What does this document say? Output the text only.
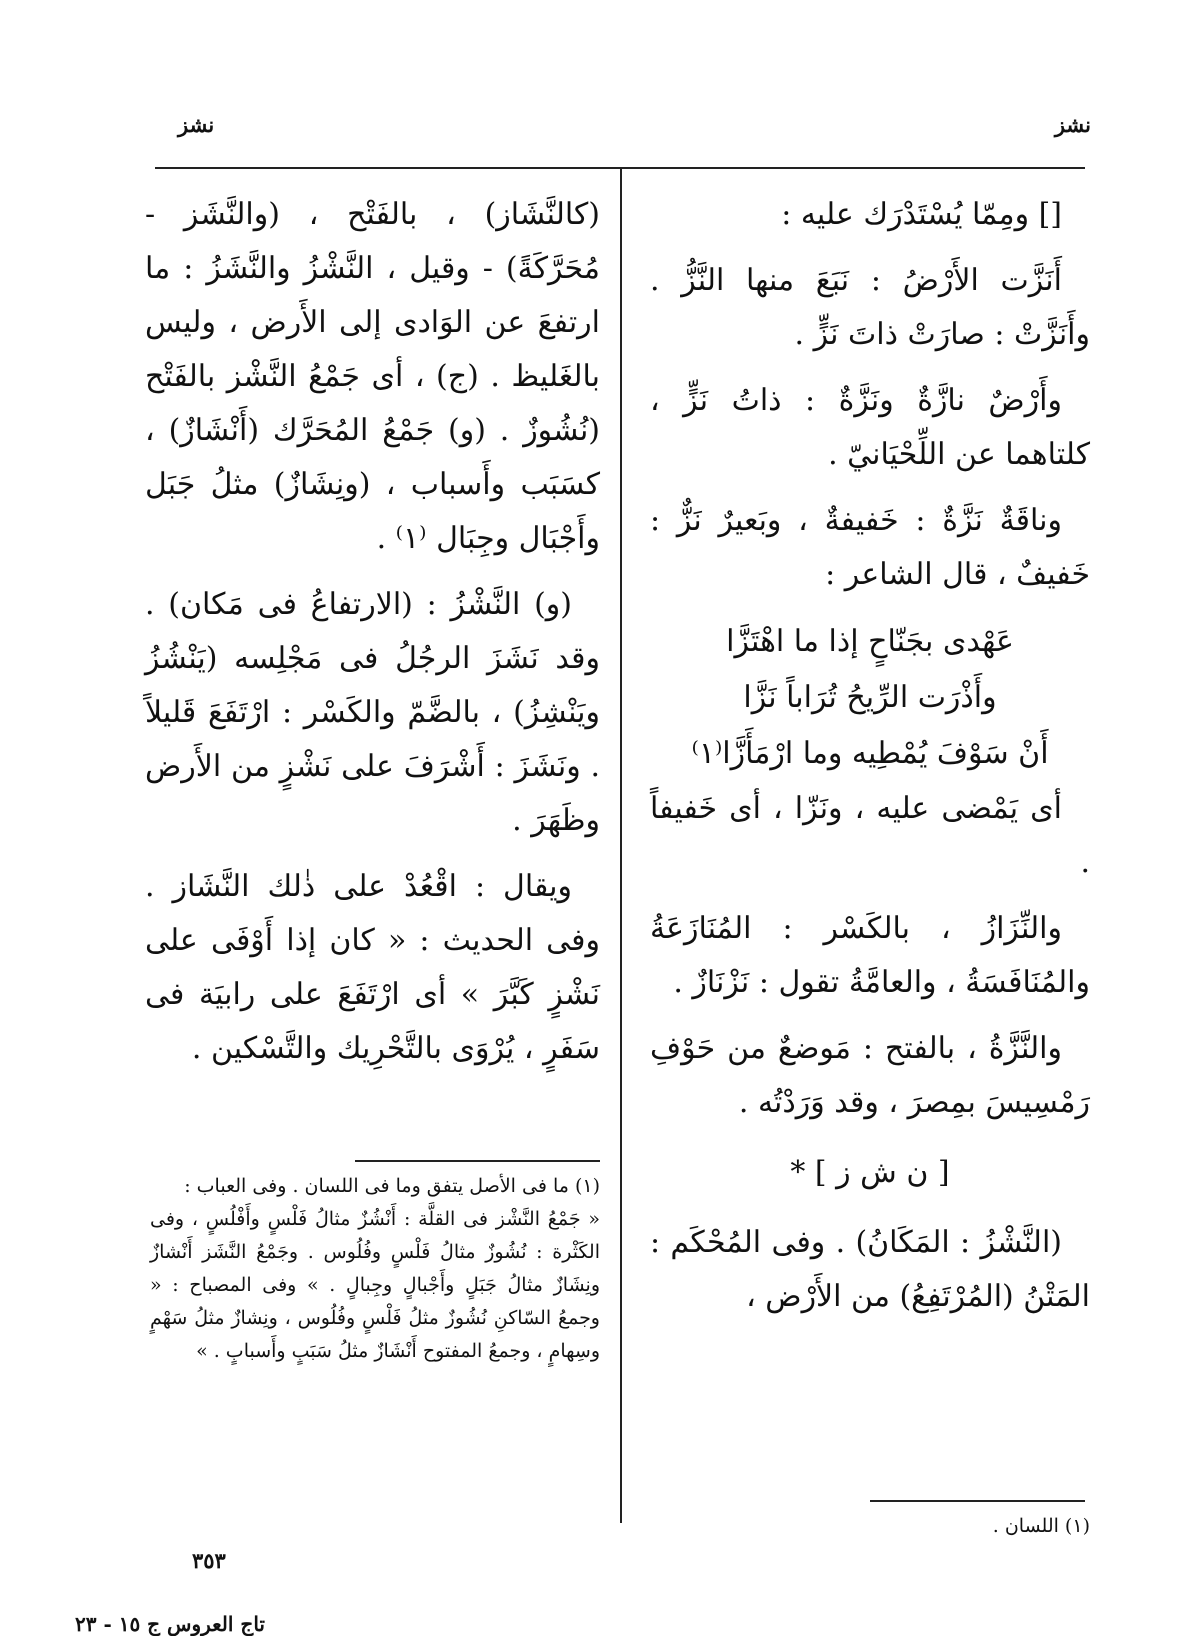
نشز
نشز

[] ومِمّا يُسْتَدْرَك عليه :

أَنَزَّت الأَرْضُ : نَبَعَ منها النَّزُّ . وأَنَزَّتْ : صارَتْ ذاتَ نَزٍّ .

وأَرْضٌ نازَّةٌ ونَزَّةٌ : ذاتُ نَزٍّ ، كلتاهما عن اللِّحْيَانيّ .

وناقَةٌ نَزَّةٌ : خَفيفةٌ ، وبَعيرٌ نَزٌّ : خَفيفٌ ، قال الشاعر :

عَهْدى بجَنّاحٍ إذا ما اهْتَزَّا

وأَذْرَت الرِّيحُ تُرَاباً نَزَّا

أَنْ سَوْفَ يُمْطِيه وما ارْمَأَزَّا⁽١⁾

أى يَمْضى عليه ، ونَزّا ، أى خَفيفاً .

والنِّزَازُ ، بالكَسْر : المُنَازَعَةُ والمُنَافَسَةُ ، والعامَّةُ تقول : نَزْنَازٌ .

والنَّزَّةُ ، بالفتح : مَوضعٌ من حَوْفِ رَمْسِيسَ بمِصرَ ، وقد وَرَدْتُه .

[ ن ش ز ] *

(النَّشْزُ : المَكَانُ) . وفى المُحْكَم : المَتْنُ (المُرْتَفِعُ) من الأَرْض ،

(١) اللسان .

(كالنَّشَاز) ، بالفَتْح ، (والنَّشَز - مُحَرَّكَةً) - وقيل ، النَّشْزُ والنَّشَزُ : ما ارتفعَ عن الوَادى إلى الأَرض ، وليس بالغَليظ . (ج) ، أى جَمْعُ النَّشْز بالفَتْح (نُشُوزٌ . (و) جَمْعُ المُحَرَّك (أَنْشَازٌ) ، كسَبَب وأَسباب ، (ونِشَازٌ) مثلُ جَبَل وأَجْبَال وجِبَال ⁽١⁾ .

(و) النَّشْزُ : (الارتفاعُ فى مَكان) . وقد نَشَزَ الرجُلُ فى مَجْلِسه (يَنْشُزُ ويَنْشِزُ) ، بالضَّمّ والكَسْر : ارْتَفَعَ قَليلاً . ونَشَزَ : أَشْرَفَ على نَشْزٍ من الأَرض وظَهَرَ .

ويقال : اقْعُدْ على ذٰلك النَّشَاز . وفى الحديث : « كان إذا أَوْفَى على نَشْزٍ كَبَّرَ » أى ارْتَفَعَ على رابيَة فى سَفَرٍ ، يُرْوَى بالتَّحْرِيك والتَّسْكين .

(١) ما فى الأصل يتفق وما فى اللسان . وفى العباب :

« جَمْعُ النَّشْز فى القلَّة : أَنْشُزٌ مثالُ فَلْسٍ وأَفْلُسٍ ، وفى الكَثْرة : نُشُوزٌ مثالُ فَلْسٍ وفُلُوس . وجَمْعُ النَّشَز أَنْشازٌ ونِشَازٌ مثالُ جَبَلٍ وأَجْبالٍ وجِبالٍ . » وفى المصباح : « وجمعُ السّاكنِ نُشُوزٌ مثلُ فَلْسٍ وفُلُوس ، ونِشازٌ مثلُ سَهْمٍ وسِهامٍ ، وجمعُ المفتوح أَنْشَازٌ مثلُ سَبَبٍ وأَسبابٍ . »

٣٥٣
تاج العروس ج ١٥ - ٢٣
